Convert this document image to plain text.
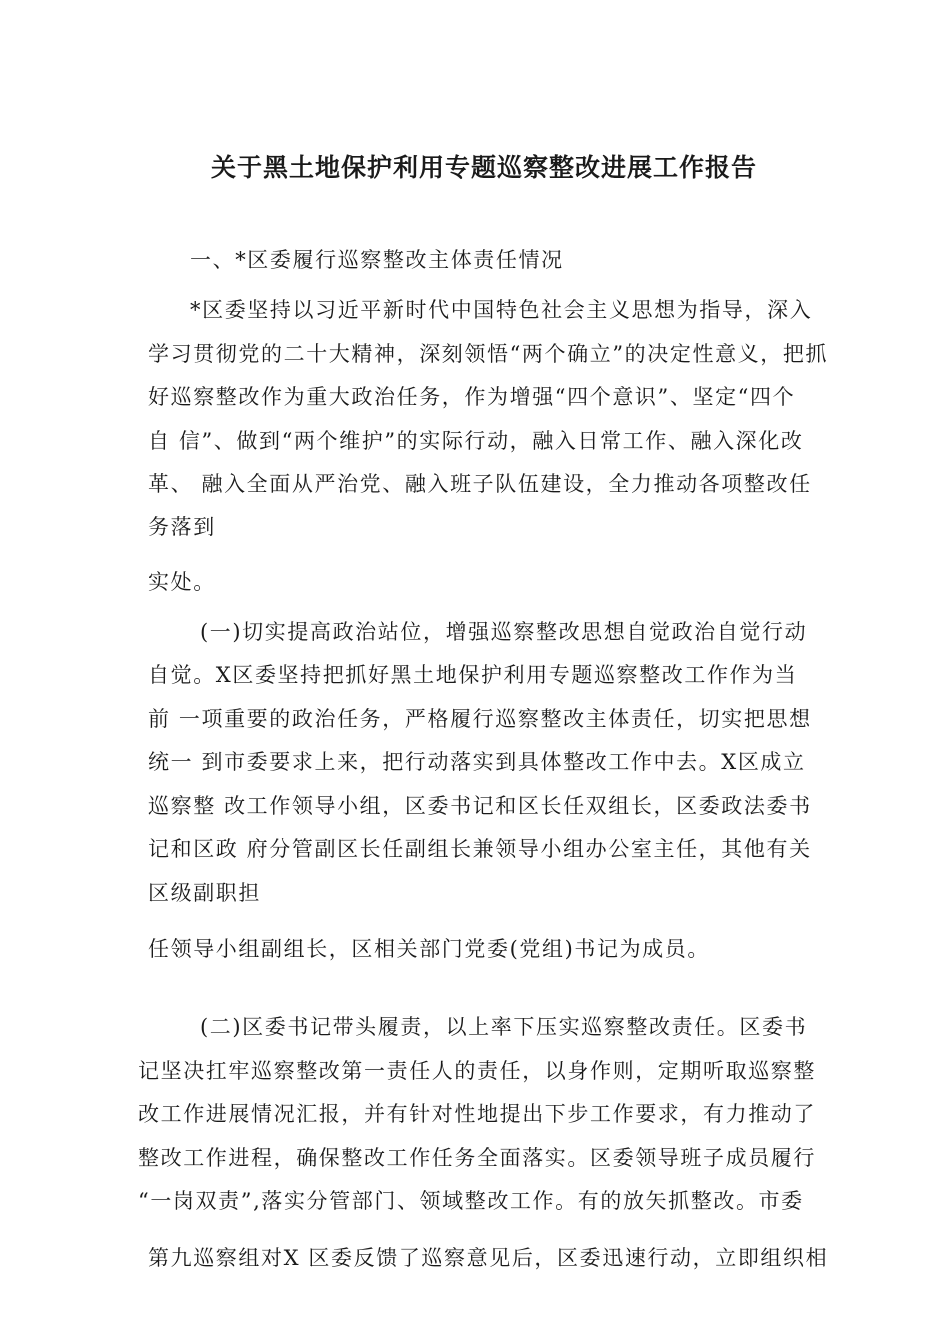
关于黑土地保护利用专题巡察整改进展工作报告
一、*区委履行巡察整改主体责任情况
*区委坚持以习近平新时代中国特色社会主义思想为指导，深入
学习贯彻党的二十大精神，深刻领悟“两个确立”的决定性意义，把抓
好巡察整改作为重大政治任务，作为增强“四个意识”、坚定“四个
自 信”、做到“两个维护”的实际行动，融入日常工作、融入深化改
革、 融入全面从严治党、融入班子队伍建设，全力推动各项整改任
务落到
实处。
(一)切实提高政治站位，增强巡察整改思想自觉政治自觉行动
自觉。X区委坚持把抓好黑土地保护利用专题巡察整改工作作为当
前 一项重要的政治任务，严格履行巡察整改主体责任，切实把思想
统一 到市委要求上来，把行动落实到具体整改工作中去。X区成立
巡察整 改工作领导小组，区委书记和区长任双组长，区委政法委书
记和区政 府分管副区长任副组长兼领导小组办公室主任，其他有关
区级副职担
任领导小组副组长，区相关部门党委(党组)书记为成员。
(二)区委书记带头履责，以上率下压实巡察整改责任。区委书
记坚决扛牢巡察整改第一责任人的责任，以身作则，定期听取巡察整
改工作进展情况汇报，并有针对性地提出下步工作要求，有力推动了
整改工作进程，确保整改工作任务全面落实。区委领导班子成员履行
“一岗双责”,落实分管部门、领域整改工作。有的放矢抓整改。市委
第九巡察组对X 区委反馈了巡察意见后，区委迅速行动，立即组织相
